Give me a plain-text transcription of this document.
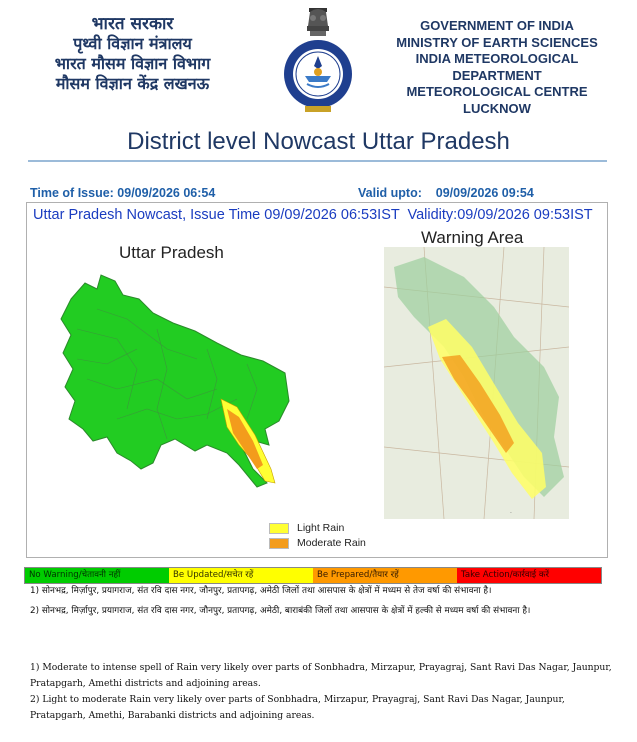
भारत सरकार
पृथ्वी विज्ञान मंत्रालय
भारत मौसम विज्ञान विभाग
मौसम विज्ञान केंद्र लखनऊ
GOVERNMENT OF INDIA
MINISTRY OF EARTH SCIENCES
INDIA METEOROLOGICAL DEPARTMENT
METEOROLOGICAL CENTRE LUCKNOW
District level Nowcast Uttar Pradesh
Time of Issue: 09/09/2026 06:54	Valid upto:    09/09/2026 09:54
Uttar Pradesh Nowcast, Issue Time 09/09/2026 06:53IST  Validity:09/09/2026 09:53IST
Uttar Pradesh
Warning Area
.
Light Rain
Moderate Rain
No Warning/चेतावनी नहीं	Be Updated/सचेत रहें	Be Prepared/तैयार रहें	Take Action/कार्रवाई करें
1) सोनभद्र, मिर्ज़ापुर, प्रयागराज, संत रवि दास नगर, जौनपुर, प्रतापगढ़, अमेठी जिलों तथा आसपास के क्षेत्रों में मध्यम से तेज वर्षा की संभावना है।
2) सोनभद्र, मिर्ज़ापुर, प्रयागराज, संत रवि दास नगर, जौनपुर, प्रतापगढ़, अमेठी, बाराबंकी जिलों तथा आसपास के क्षेत्रों में हल्की से मध्यम वर्षा की संभावना है।
1) Moderate to intense spell of Rain very likely over parts of Sonbhadra, Mirzapur, Prayagraj, Sant Ravi Das Nagar, Jaunpur, Pratapgarh, Amethi districts and adjoining areas.
2) Light to moderate Rain very likely over parts of Sonbhadra, Mirzapur, Prayagraj, Sant Ravi Das Nagar, Jaunpur, Pratapgarh, Amethi, Barabanki districts and adjoining areas.
